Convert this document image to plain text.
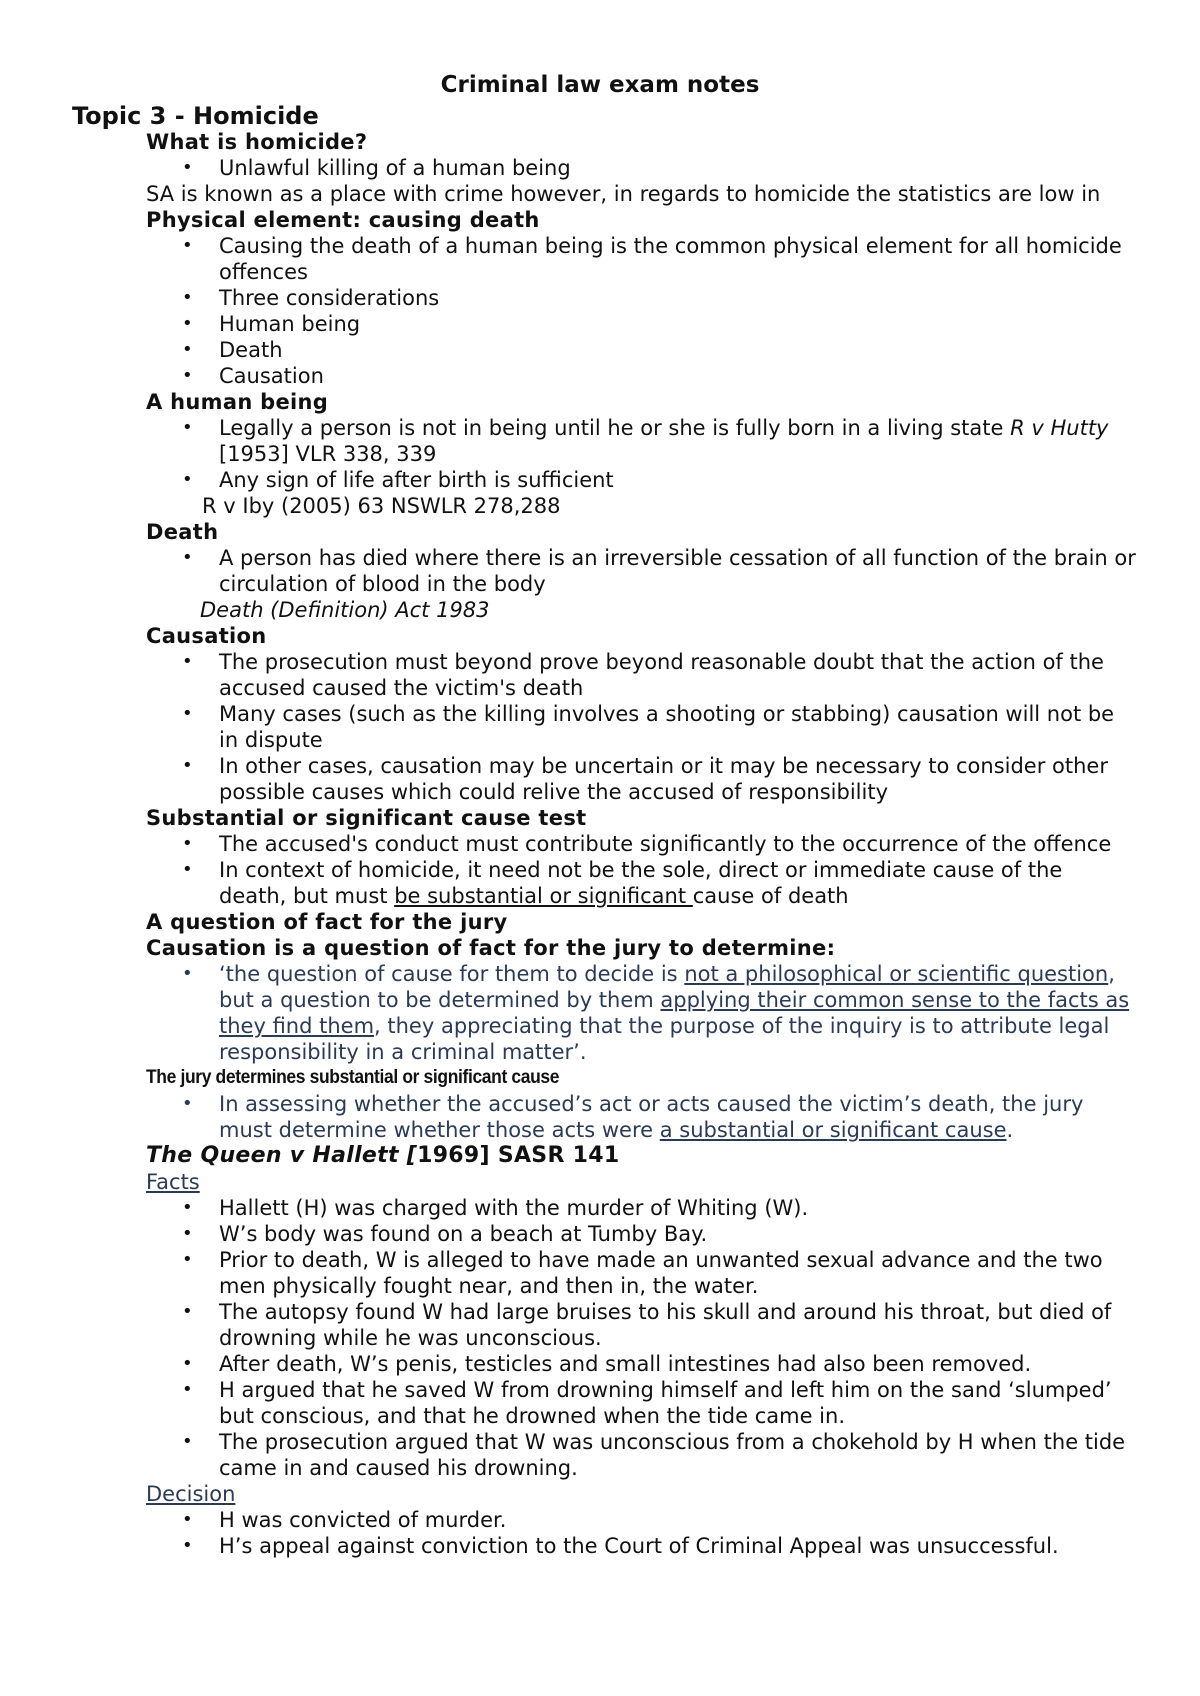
Criminal law exam notes
Topic 3 - Homicide
What is homicide?
• Unlawful killing of a human being
SA is known as a place with crime however, in regards to homicide the statistics are low in
Physical element: causing death
• Causing the death of a human being is the common physical element for all homicide offences
• Three considerations
• Human being
• Death
• Causation
A human being
• Legally a person is not in being until he or she is fully born in a living state R v Hutty [1953] VLR 338, 339
• Any sign of life after birth is sufficient
R v Iby (2005) 63 NSWLR 278,288
Death
• A person has died where there is an irreversible cessation of all function of the brain or circulation of blood in the body
Death (Definition) Act 1983
Causation
• The prosecution must beyond prove beyond reasonable doubt that the action of the accused caused the victim's death
• Many cases (such as the killing involves a shooting or stabbing) causation will not be in dispute
• In other cases, causation may be uncertain or it may be necessary to consider other possible causes which could relive the accused of responsibility
Substantial or significant cause test
• The accused's conduct must contribute significantly to the occurrence of the offence
• In context of homicide, it need not be the sole, direct or immediate cause of the death, but must be substantial or significant cause of death
A question of fact for the jury
Causation is a question of fact for the jury to determine:
• ‘the question of cause for them to decide is not a philosophical or scientific question, but a question to be determined by them applying their common sense to the facts as they find them, they appreciating that the purpose of the inquiry is to attribute legal responsibility in a criminal matter’.
The jury determines substantial or significant cause
• In assessing whether the accused’s act or acts caused the victim’s death, the jury must determine whether those acts were a substantial or significant cause.
The Queen v Hallett [1969] SASR 141
Facts
• Hallett (H) was charged with the murder of Whiting (W).
• W’s body was found on a beach at Tumby Bay.
• Prior to death, W is alleged to have made an unwanted sexual advance and the two men physically fought near, and then in, the water.
• The autopsy found W had large bruises to his skull and around his throat, but died of drowning while he was unconscious.
• After death, W’s penis, testicles and small intestines had also been removed.
• H argued that he saved W from drowning himself and left him on the sand ‘slumped’ but conscious, and that he drowned when the tide came in.
• The prosecution argued that W was unconscious from a chokehold by H when the tide came in and caused his drowning.
Decision
• H was convicted of murder.
• H’s appeal against conviction to the Court of Criminal Appeal was unsuccessful.
